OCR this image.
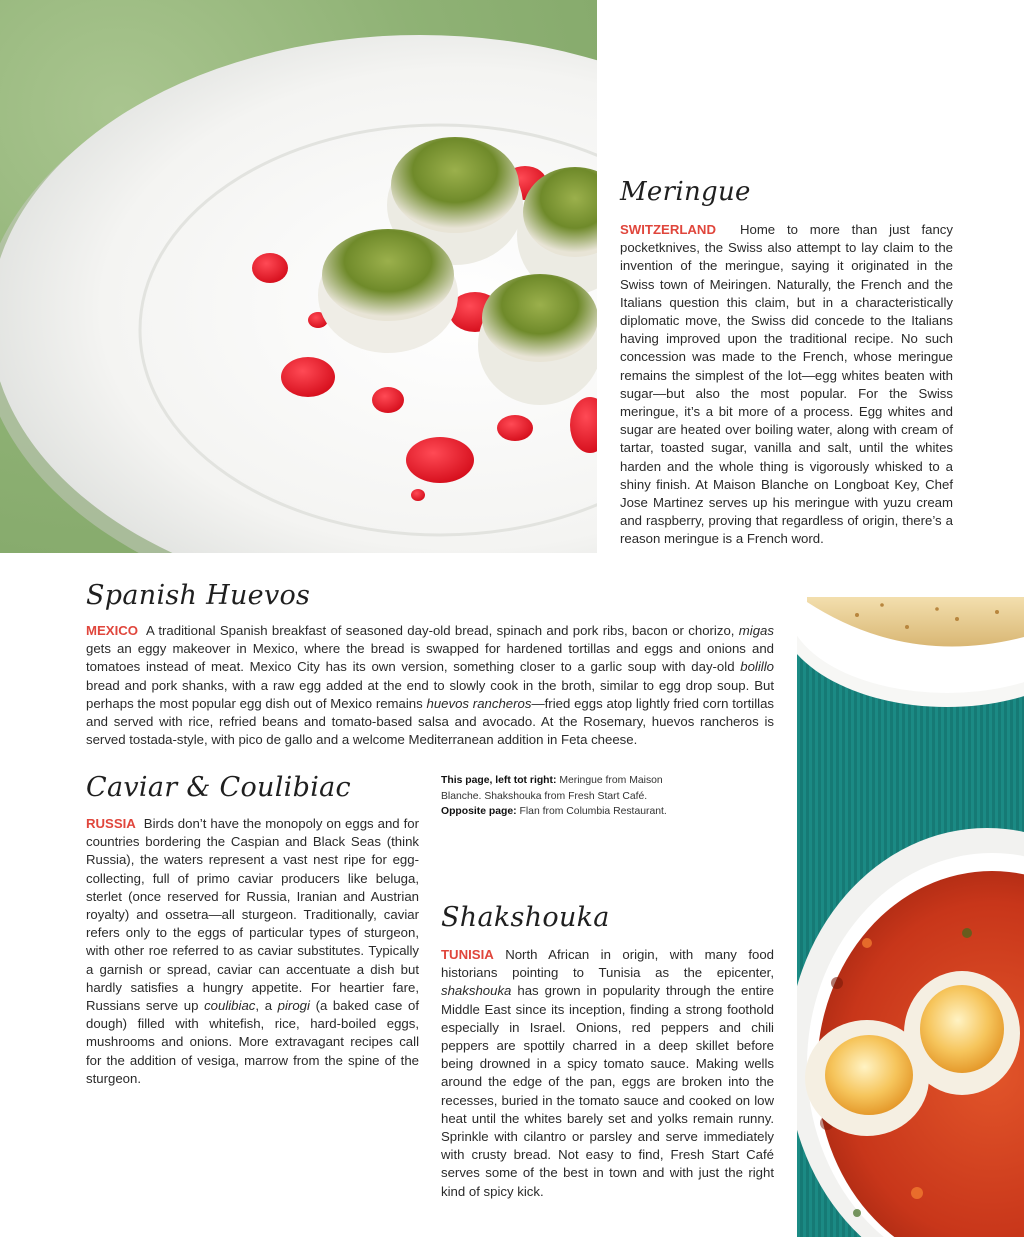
Meringue

SWITZERLAND Home to more than just fancy pocketknives, the Swiss also attempt to lay claim to the invention of the meringue, saying it originated in the Swiss town of Meiringen. Naturally, the French and the Italians question this claim, but in a characteristically diplomatic move, the Swiss did concede to the Italians having improved upon the traditional recipe. No such concession was made to the French, whose meringue remains the simplest of the lot—egg whites beaten with sugar—but also the most popular. For the Swiss meringue, it’s a bit more of a process. Egg whites and sugar are heated over boiling water, along with cream of tartar, toasted sugar, vanilla and salt, until the whites harden and the whole thing is vigorously whisked to a shiny finish. At Maison Blanche on Longboat Key, Chef Jose Martinez serves up his meringue with yuzu cream and raspberry, proving that regardless of origin, there’s a reason meringue is a French word.

Spanish Huevos

MEXICO A traditional Spanish breakfast of seasoned day-old bread, spinach and pork ribs, bacon or chorizo, migas gets an eggy makeover in Mexico, where the bread is swapped for hardened tortillas and eggs and onions and tomatoes instead of meat. Mexico City has its own version, something closer to a garlic soup with day-old bolillo bread and pork shanks, with a raw egg added at the end to slowly cook in the broth, similar to egg drop soup. But perhaps the most popular egg dish out of Mexico remains huevos rancheros—fried eggs atop lightly fried corn tortillas and served with rice, refried beans and tomato-based salsa and avocado. At the Rosemary, huevos rancheros is served tostada-style, with pico de gallo and a welcome Mediterranean addition in Feta cheese.

Caviar & Coulibiac

RUSSIA Birds don’t have the monopoly on eggs and for countries bordering the Caspian and Black Seas (think Russia), the waters represent a vast nest ripe for egg-collecting, full of primo caviar producers like beluga, sterlet (once reserved for Russia, Iranian and Austrian royalty) and ossetra—all sturgeon. Traditionally, caviar refers only to the eggs of particular types of sturgeon, with other roe referred to as caviar substitutes. Typically a garnish or spread, caviar can accentuate a dish but hardly satisfies a hungry appetite. For heartier fare, Russians serve up coulibiac, a pirogi (a baked case of dough) filled with whitefish, rice, hard-boiled eggs, mushrooms and onions. More extravagant recipes call for the addition of vesiga, marrow from the spine of the sturgeon.

This page, left tot right: Meringue from Maison Blanche. Shakshouka from Fresh Start Café.
Opposite page: Flan from Columbia Restaurant.
Shakshouka

TUNISIA North African in origin, with many food historians pointing to Tunisia as the epicenter, shakshouka has grown in popularity through the entire Middle East since its inception, finding a strong foothold especially in Israel. Onions, red peppers and chili peppers are spottily charred in a deep skillet before being drowned in a spicy tomato sauce. Making wells around the edge of the pan, eggs are broken into the recesses, buried in the tomato sauce and cooked on low heat until the whites barely set and yolks remain runny. Sprinkle with cilantro or parsley and serve immediately with crusty bread. Not easy to find, Fresh Start Café serves some of the best in town and with just the right kind of spicy kick.
